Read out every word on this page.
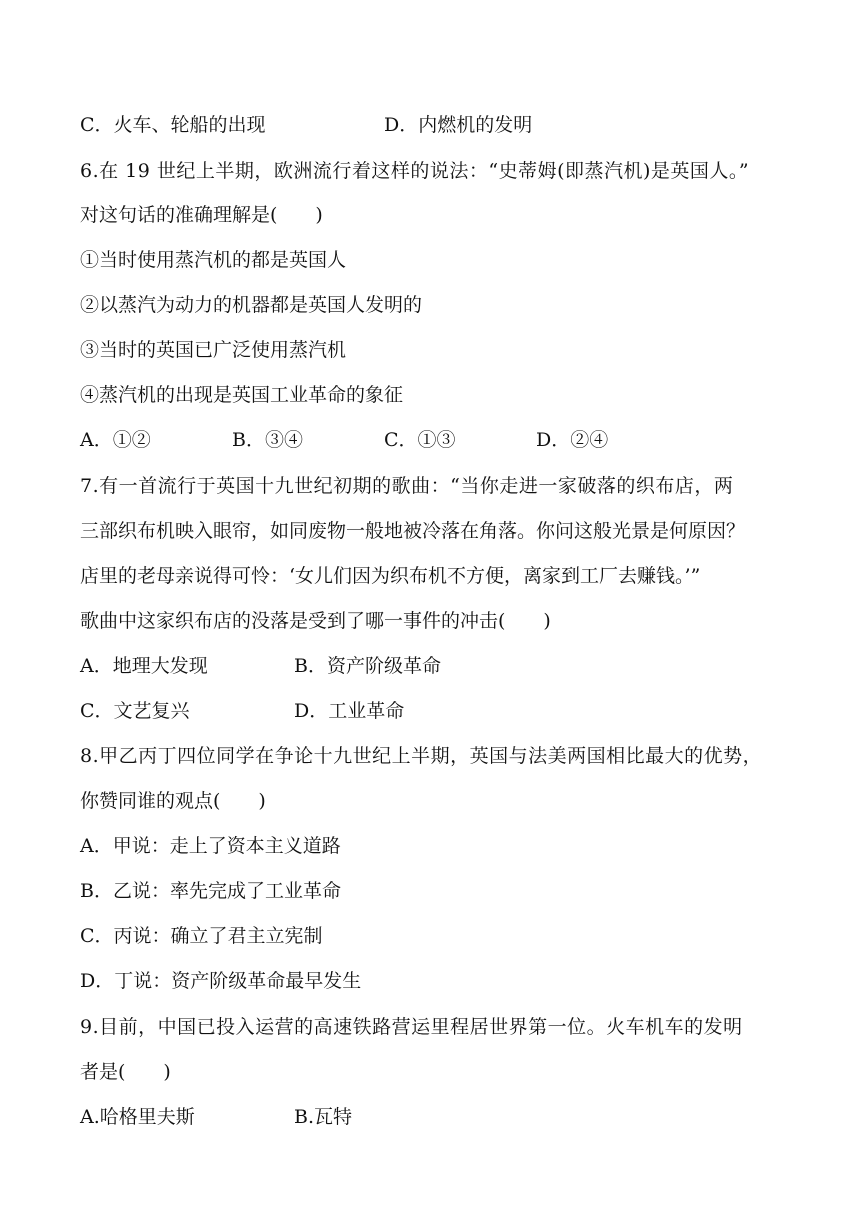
C．火车、轮船的出现	D．内燃机的发明
6.在 19 世纪上半期，欧洲流行着这样的说法：“史蒂姆(即蒸汽机)是英国人。”
对这句话的准确理解是(　　)
①当时使用蒸汽机的都是英国人
②以蒸汽为动力的机器都是英国人发明的
③当时的英国已广泛使用蒸汽机
④蒸汽机的出现是英国工业革命的象征
A．①②	B．③④	C．①③	D．②④
7.有一首流行于英国十九世纪初期的歌曲：“当你走进一家破落的织布店，两
三部织布机映入眼帘，如同废物一般地被冷落在角落。你问这般光景是何原因？
店里的老母亲说得可怜：‘女儿们因为织布机不方便，离家到工厂去赚钱。’”
歌曲中这家织布店的没落是受到了哪一事件的冲击(　　)
A．地理大发现	B．资产阶级革命
C．文艺复兴	D．工业革命
8.甲乙丙丁四位同学在争论十九世纪上半期，英国与法美两国相比最大的优势，
你赞同谁的观点(　　)
A．甲说：走上了资本主义道路
B．乙说：率先完成了工业革命
C．丙说：确立了君主立宪制
D．丁说：资产阶级革命最早发生
9.目前，中国已投入运营的高速铁路营运里程居世界第一位。火车机车的发明
者是(　　)
A.哈格里夫斯	B.瓦特
